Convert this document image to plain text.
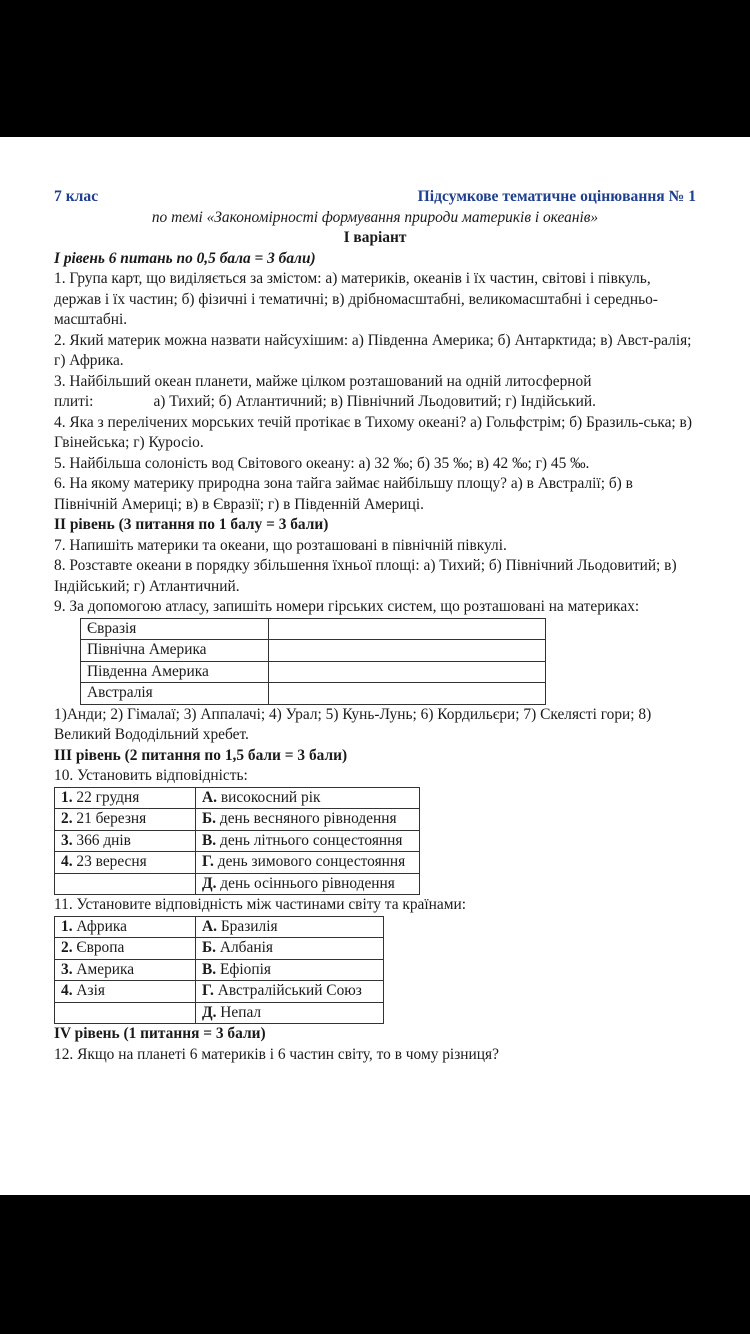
7 клас	Підсумкове тематичне оцінювання № 1

по темі «Закономірності формування природи материків і океанів»

І варіант

І рівень 6 питань по 0,5 бала = 3 бали)

1. Група карт, що виділяється за змістом: а) материків, океанів і їх частин, світові і півкуль, держав і їх частин; б) фізичні і тематичні; в) дрібномасштабні, великомасштабні і середньо-масштабні.

2. Який материк можна назвати найсухішим: а) Південна Америка; б) Антарктида; в) Авст-ралія; г) Африка.

3. Найбільший океан планети, майже цілком розташований на одній литосферной плиті:	а) Тихий; б) Атлантичний; в) Північний Льодовитий; г) Індійський.

4. Яка з перелічених морських течій протікає в Тихому океані? а) Гольфстрім; б) Бразиль-ська; в) Гвінейська; г) Куросіо.

5. Найбільша солоність вод Світового океану: а) 32 ‰; б) 35 ‰; в) 42 ‰; г) 45 ‰.

6. На якому материку природна зона тайга займає найбільшу площу? а) в Австралії; б) в Північній Америці; в) в Євразії; г) в Південній Америці.

ІІ рівень (3 питання по 1 балу = 3 бали)

7. Напишіть материки та океани, що розташовані в північній півкулі.

8. Розставте океани в порядку збільшення їхньої площі: а) Тихий; б) Північний Льодовитий; в) Індійський; г) Атлантичний.

9. За допомогою атласу, запишіть номери гірських систем, що розташовані на материках:

Євразія	
Північна Америка	
Південна Америка	
Австралія	

1)Анди; 2) Гімалаї; 3) Аппалачі; 4) Урал; 5) Кунь-Лунь; 6) Кордильєри; 7) Скелясті гори; 8) Великий Вододільний хребет.

ІІІ рівень (2 питання по 1,5 бали = 3 бали)

10. Установить відповідність:

1. 22 грудня	А. високосний рік
2. 21 березня	Б. день весняного рівнодення
3. 366 днів	В. день літнього сонцестояння
4. 23 вересня	Г. день зимового сонцестояння
	Д. день осіннього рівнодення

11. Установите відповідність між частинами світу та країнами:

1. Африка	А. Бразилія
2. Європа	Б. Албанія
3. Америка	В. Ефіопія
4. Азія	Г. Австралійський Союз
	Д. Непал

IV рівень (1 питання = 3 бали)

12. Якщо на планеті 6 материків і 6 частин світу, то в чому різниця?
